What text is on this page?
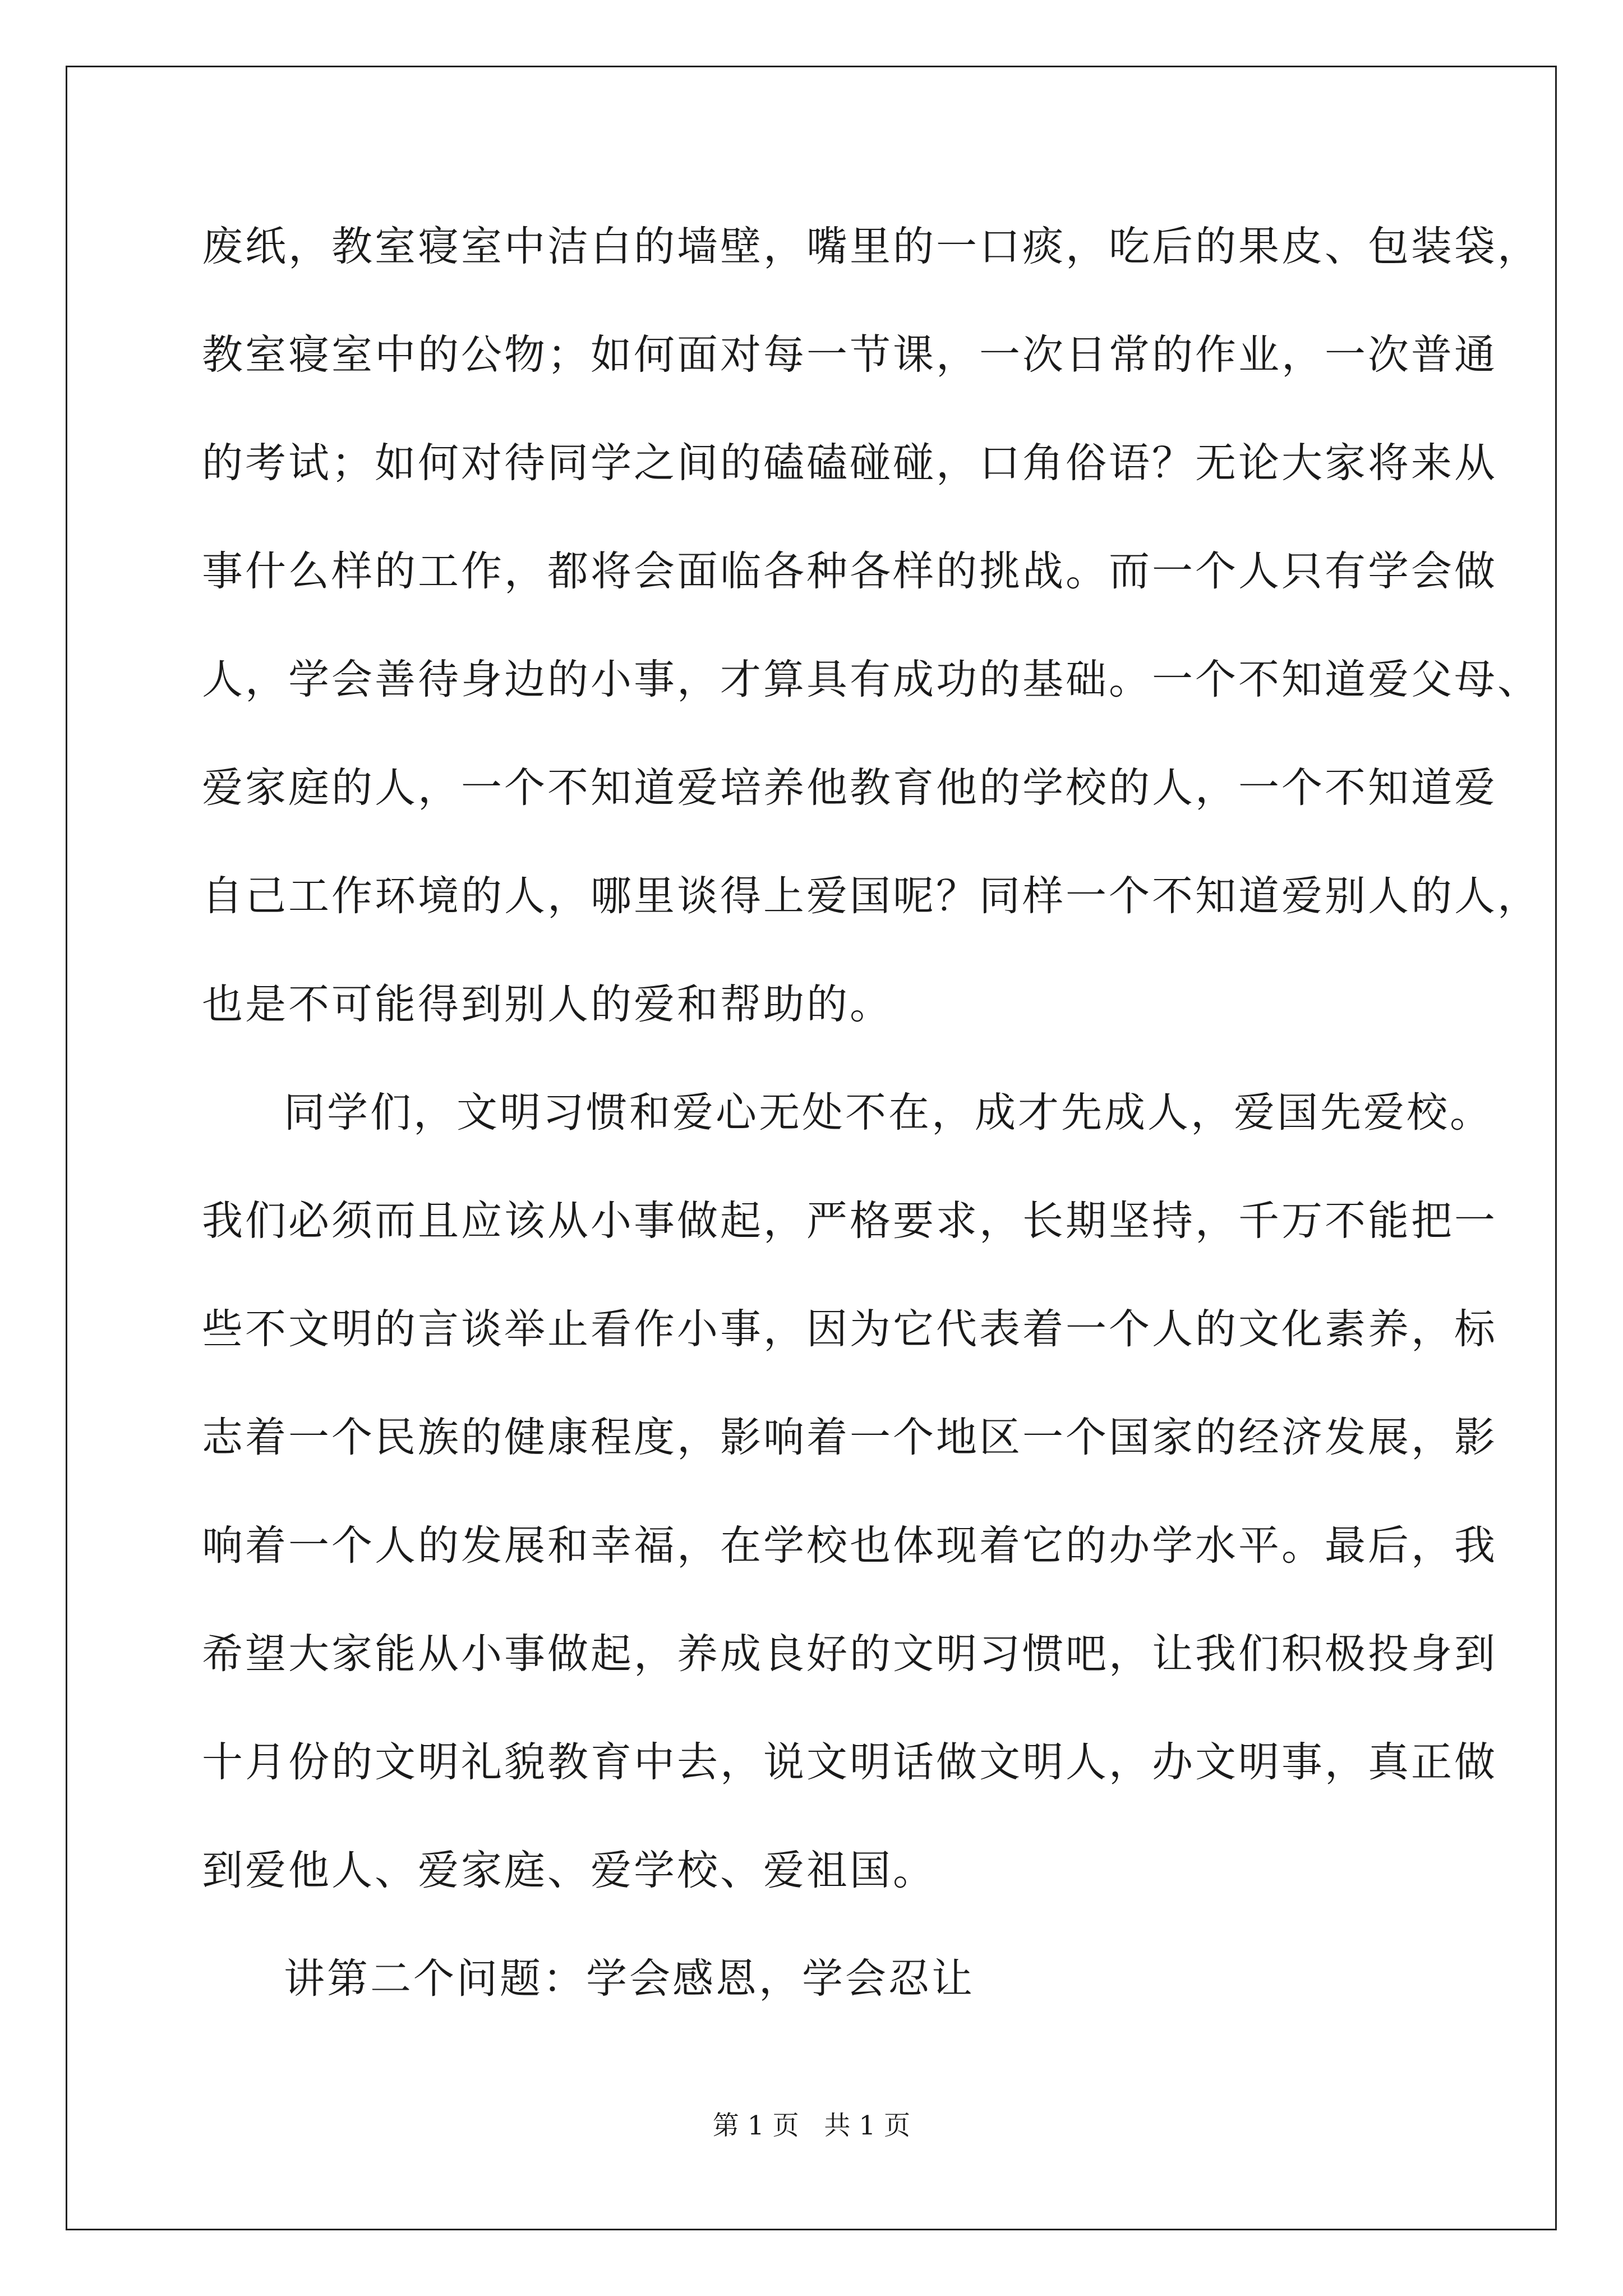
废纸，教室寝室中洁白的墙壁，嘴里的一口痰，吃后的果皮、包装袋，
教室寝室中的公物；如何面对每一节课，一次日常的作业，一次普通
的考试；如何对待同学之间的磕磕碰碰，口角俗语？无论大家将来从
事什么样的工作，都将会面临各种各样的挑战。而一个人只有学会做
人，学会善待身边的小事，才算具有成功的基础。一个不知道爱父母、
爱家庭的人，一个不知道爱培养他教育他的学校的人，一个不知道爱
自己工作环境的人，哪里谈得上爱国呢？同样一个不知道爱别人的人，
也是不可能得到别人的爱和帮助的。
同学们，文明习惯和爱心无处不在，成才先成人，爱国先爱校。
我们必须而且应该从小事做起，严格要求，长期坚持，千万不能把一
些不文明的言谈举止看作小事，因为它代表着一个人的文化素养，标
志着一个民族的健康程度，影响着一个地区一个国家的经济发展，影
响着一个人的发展和幸福，在学校也体现着它的办学水平。最后，我
希望大家能从小事做起，养成良好的文明习惯吧，让我们积极投身到
十月份的文明礼貌教育中去，说文明话做文明人，办文明事，真正做
到爱他人、爱家庭、爱学校、爱祖国。
讲第二个问题：学会感恩，学会忍让
第 1 页   共 1 页
